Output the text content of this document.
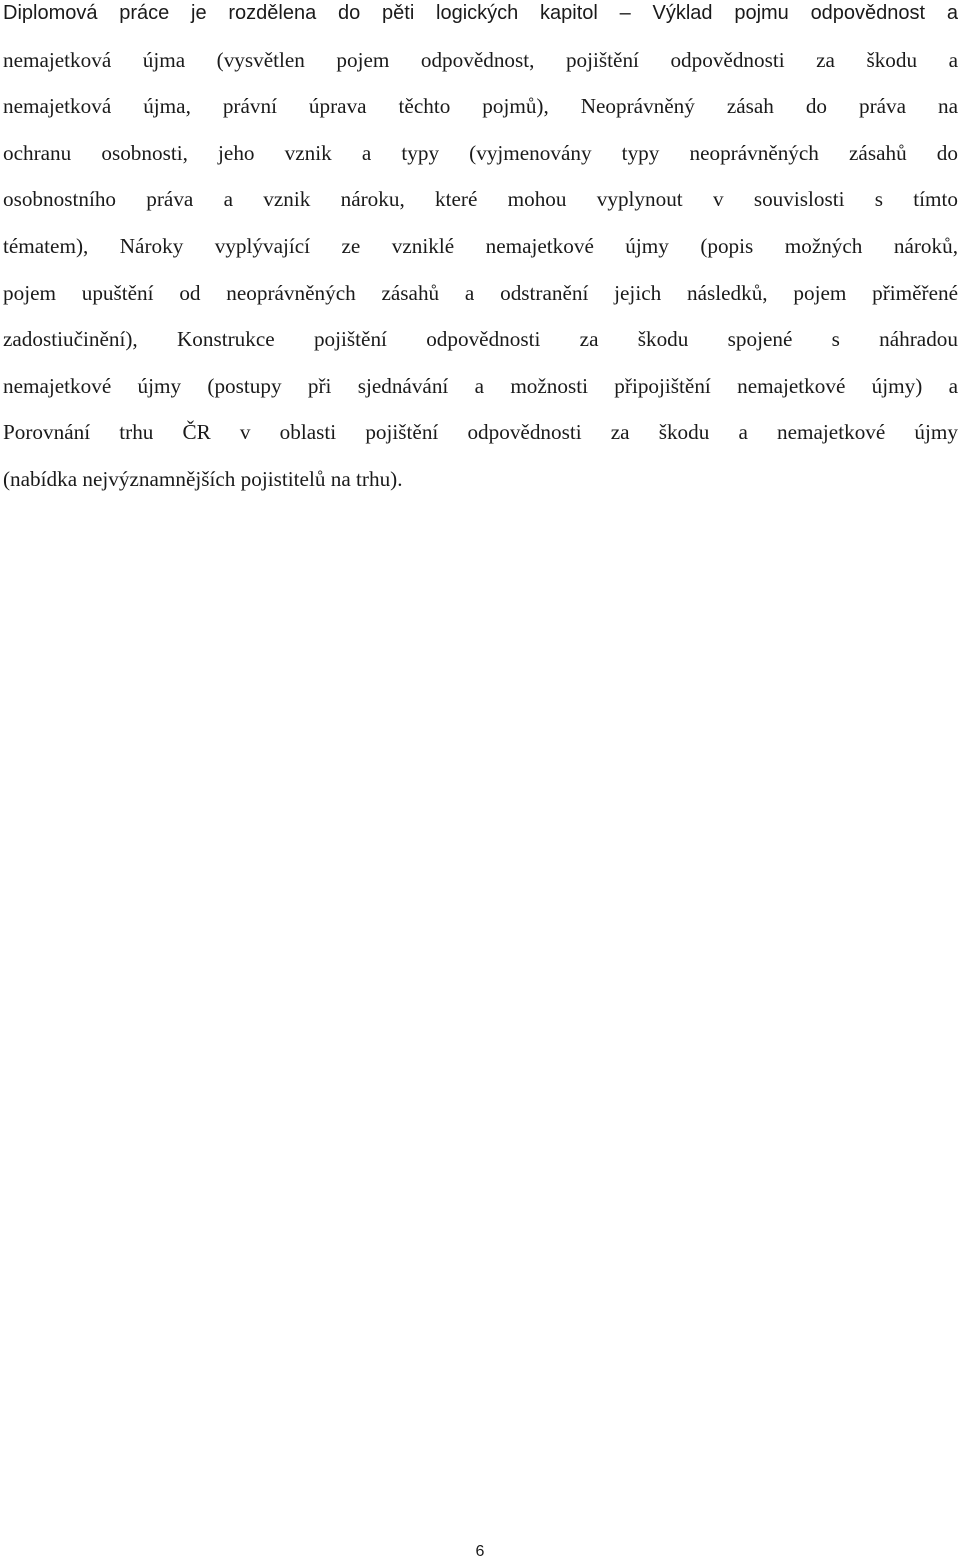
Diplomová práce je rozdělena do pěti logických kapitol – Výklad pojmu odpovědnost a
nemajetková újma (vysvětlen pojem odpovědnost, pojištění odpovědnosti za škodu a
nemajetková újma, právní úprava těchto pojmů), Neoprávněný zásah do práva na
ochranu osobnosti, jeho vznik a typy (vyjmenovány typy neoprávněných zásahů do
osobnostního práva a vznik nároku, které mohou vyplynout v souvislosti s tímto
tématem), Nároky vyplývající ze vzniklé nemajetkové újmy (popis možných nároků,
pojem upuštění od neoprávněných zásahů a odstranění jejich následků, pojem přiměřené
zadostiučinění), Konstrukce pojištění odpovědnosti za škodu spojené s náhradou
nemajetkové újmy (postupy při sjednávání a možnosti připojištění nemajetkové újmy) a
Porovnání trhu ČR v oblasti pojištění odpovědnosti za škodu a nemajetkové újmy
(nabídka nejvýznamnějších pojistitelů na trhu).
6
